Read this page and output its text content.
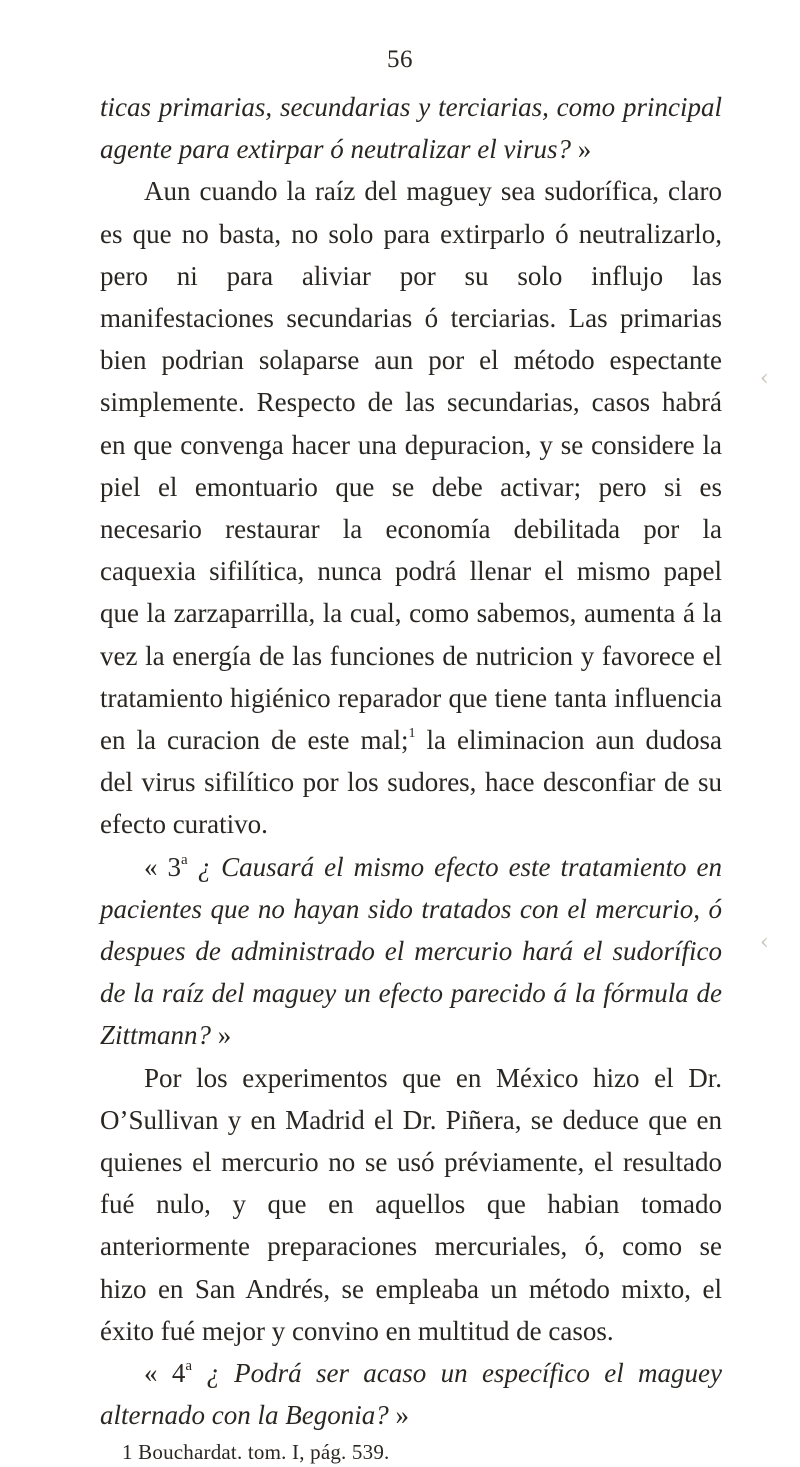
56

ticas primarias, secundarias y terciarias, como principal agente para extirpar ó neutralizar el virus? »

Aun cuando la raíz del maguey sea sudorífica, claro es que no basta, no solo para extirparlo ó neutralizarlo, pero ni para aliviar por su solo influjo las manifestaciones secundarias ó terciarias. Las primarias bien podrian solaparse aun por el método espectante simplemente. Respecto de las secundarias, casos habrá en que convenga hacer una depuracion, y se considere la piel el emontuario que se debe activar; pero si es necesario restaurar la economía debilitada por la caquexia sifilítica, nunca podrá llenar el mismo papel que la zarzaparrilla, la cual, como sabemos, aumenta á la vez la energía de las funciones de nutricion y favorece el tratamiento higiénico reparador que tiene tanta influencia en la curacion de este mal;$^1$ la eliminacion aun dudosa del virus sifilítico por los sudores, hace desconfiar de su efecto curativo.

« 3$^a$ ¿ Causará el mismo efecto este tratamiento en pacientes que no hayan sido tratados con el mercurio, ó despues de administrado el mercurio hará el sudorífico de la raíz del maguey un efecto parecido á la fórmula de Zittmann? »

Por los experimentos que en México hizo el Dr. O’Sullivan y en Madrid el Dr. Piñera, se deduce que en quienes el mercurio no se usó préviamente, el resultado fué nulo, y que en aquellos que habian tomado anteriormente preparaciones mercuriales, ó, como se hizo en San Andrés, se empleaba un método mixto, el éxito fué mejor y convino en multitud de casos.

« 4$^a$ ¿ Podrá ser acaso un específico el maguey alternado con la Begonia? »

1 Bouchardat. tom. I, pág. 539.

‹
‹
